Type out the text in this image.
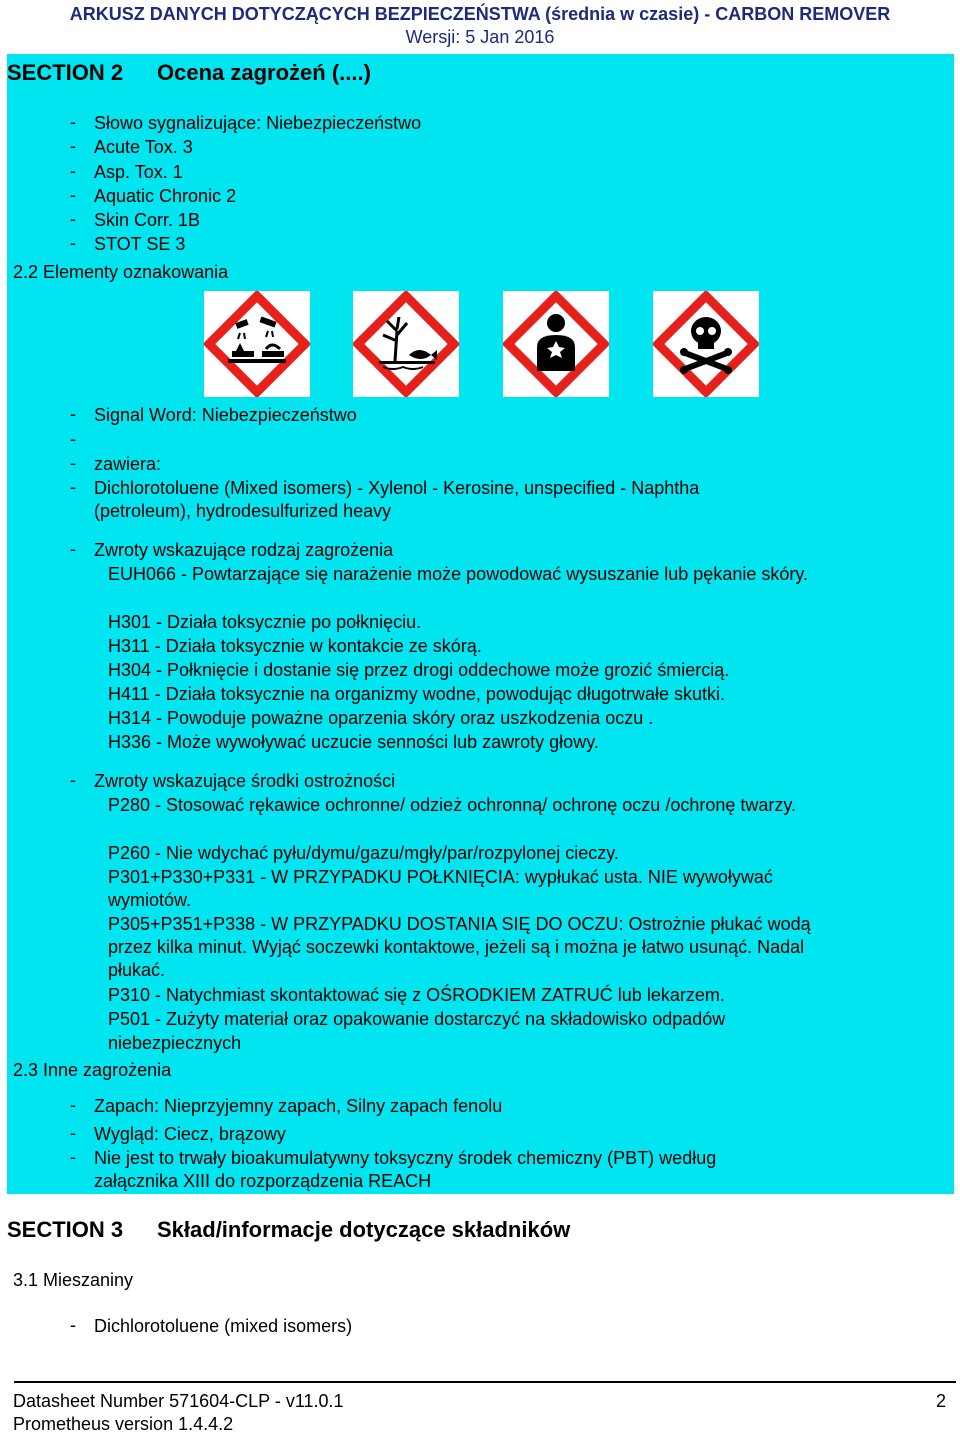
ARKUSZ DANYCH DOTYCZĄCYCH BEZPIECZEŃSTWA (średnia w czasie) - CARBON REMOVER
Wersji: 5 Jan 2016
SECTION 2 Ocena zagrożeń (....)
- Słowo sygnalizujące: Niebezpieczeństwo
- Acute Tox. 3
- Asp. Tox. 1
- Aquatic Chronic 2
- Skin Corr. 1B
- STOT SE 3
2.2 Elementy oznakowania
- Signal Word: Niebezpieczeństwo
-
- zawiera:
- Dichlorotoluene (Mixed isomers) - Xylenol - Kerosine, unspecified - Naphtha
(petroleum), hydrodesulfurized heavy
- Zwroty wskazujące rodzaj zagrożenia
EUH066 - Powtarzające się narażenie może powodować wysuszanie lub pękanie skóry.
H301 - Działa toksycznie po połknięciu.
H311 - Działa toksycznie w kontakcie ze skórą.
H304 - Połknięcie i dostanie się przez drogi oddechowe może grozić śmiercią.
H411 - Działa toksycznie na organizmy wodne, powodując długotrwałe skutki.
H314 - Powoduje poważne oparzenia skóry oraz uszkodzenia oczu .
H336 - Może wywoływać uczucie senności lub zawroty głowy.
- Zwroty wskazujące środki ostrożności
P280 - Stosować rękawice ochronne/ odzież ochronną/ ochronę oczu /ochronę twarzy.
P260 - Nie wdychać pyłu/dymu/gazu/mgły/par/rozpylonej cieczy.
P301+P330+P331 - W PRZYPADKU POŁKNIĘCIA: wypłukać usta. NIE wywoływać
wymiotów.
P305+P351+P338 - W PRZYPADKU DOSTANIA SIĘ DO OCZU: Ostrożnie płukać wodą
przez kilka minut. Wyjąć soczewki kontaktowe, jeżeli są i można je łatwo usunąć. Nadal
płukać.
P310 - Natychmiast skontaktować się z OŚRODKIEM ZATRUĆ lub lekarzem.
P501 - Zużyty materiał oraz opakowanie dostarczyć na składowisko odpadów
niebezpiecznych
2.3 Inne zagrożenia
- Zapach: Nieprzyjemny zapach, Silny zapach fenolu
- Wygląd: Ciecz, brązowy
- Nie jest to trwały bioakumulatywny toksyczny środek chemiczny (PBT) według
załącznika XIII do rozporządzenia REACH
SECTION 3 Skład/informacje dotyczące składników
3.1 Mieszaniny
- Dichlorotoluene (mixed isomers)
Datasheet Number 571604-CLP - v11.0.1
Prometheus version 1.4.4.2
2
